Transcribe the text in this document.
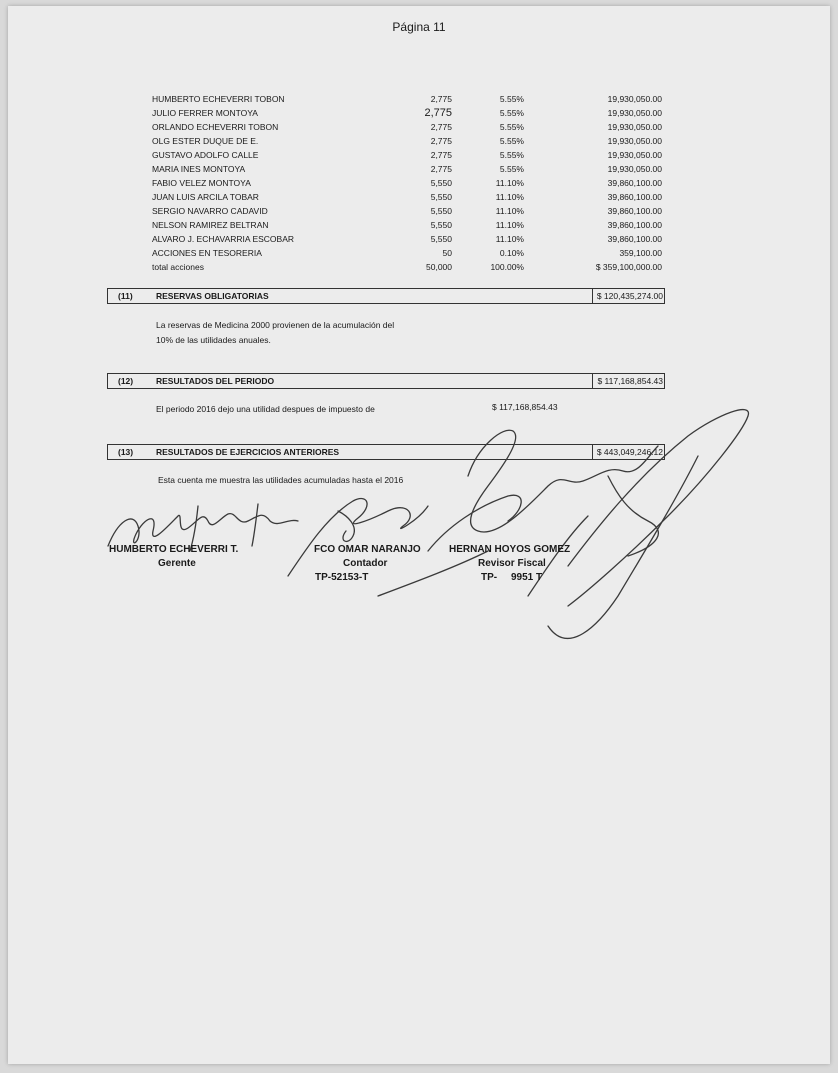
Página 11
HUMBERTO ECHEVERRI TOBON	2,775	5.55%	19,930,050.00
JULIO FERRER MONTOYA	2,775	5.55%	19,930,050.00
ORLANDO ECHEVERRI TOBON	2,775	5.55%	19,930,050.00
OLG ESTER DUQUE DE E.	2,775	5.55%	19,930,050.00
GUSTAVO ADOLFO CALLE	2,775	5.55%	19,930,050.00
MARIA INES MONTOYA	2,775	5.55%	19,930,050.00
FABIO VELEZ MONTOYA	5,550	11.10%	39,860,100.00
JUAN LUIS ARCILA TOBAR	5,550	11.10%	39,860,100.00
SERGIO NAVARRO CADAVID	5,550	11.10%	39,860,100.00
NELSON RAMIREZ BELTRAN	5,550	11.10%	39,860,100.00
ALVARO J. ECHAVARRIA ESCOBAR	5,550	11.10%	39,860,100.00
ACCIONES EN TESORERIA	50	0.10%	359,100.00
total acciones	50,000	100.00%	$ 359,100,000.00
(11)	RESERVAS OBLIGATORIAS	$ 120,435,274.00
La reservas de Medicina 2000 provienen de la acumulación del
10% de las utilidades anuales.
(12)	RESULTADOS DEL PERIODO	$ 117,168,854.43
El periodo 2016 dejo una utilidad despues de impuesto de	$ 117,168,854.43
(13)	RESULTADOS DE EJERCICIOS ANTERIORES	$ 443,049,246.12
Esta cuenta me muestra las utilidades acumuladas hasta el 2016
HUMBERTO ECHEVERRI T.
Gerente
FCO OMAR NARANJO
Contador
TP-52153-T
HERNAN HOYOS GOMEZ
Revisor Fiscal
TP-     9951 T
